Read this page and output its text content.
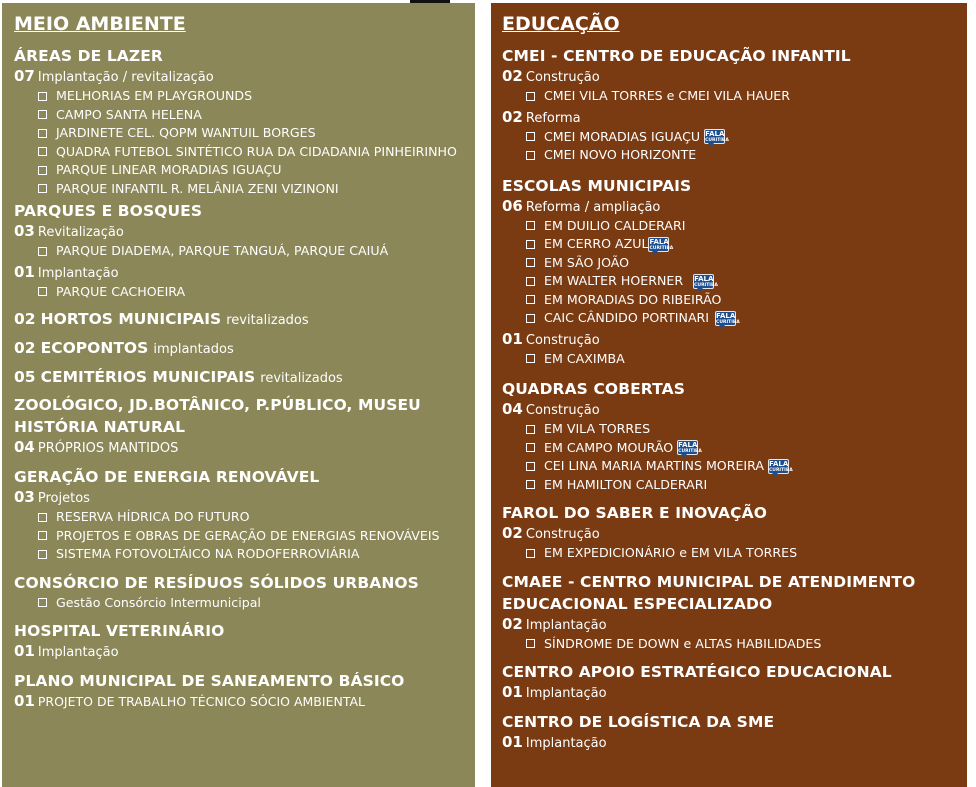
MEIO AMBIENTE
ÁREAS DE LAZER
07 Implantação / revitalização
MELHORIAS EM PLAYGROUNDS
CAMPO SANTA HELENA
JARDINETE CEL. QOPM WANTUIL BORGES
QUADRA FUTEBOL SINTÉTICO RUA DA CIDADANIA PINHEIRINHO
PARQUE LINEAR MORADIAS IGUAÇU
PARQUE INFANTIL R. MELÂNIA ZENI VIZINONI
PARQUES E BOSQUES
03 Revitalização
PARQUE DIADEMA, PARQUE TANGUÁ, PARQUE CAIUÁ
01 Implantação
PARQUE CACHOEIRA
02 HORTOS MUNICIPAIS revitalizados
02 ECOPONTOS implantados
05 CEMITÉRIOS MUNICIPAIS revitalizados
ZOOLÓGICO, JD.BOTÂNICO, P.PÚBLICO, MUSEU HISTÓRIA NATURAL
04 PRÓPRIOS MANTIDOS
GERAÇÃO DE ENERGIA RENOVÁVEL
03 Projetos
RESERVA HÍDRICA DO FUTURO
PROJETOS E OBRAS DE GERAÇÃO DE ENERGIAS RENOVÁVEIS
SISTEMA FOTOVOLTÁICO NA RODOFERROVIÁRIA
CONSÓRCIO DE RESÍDUOS SÓLIDOS URBANOS
Gestão Consórcio Intermunicipal
HOSPITAL VETERINÁRIO
01 Implantação
PLANO MUNICIPAL DE SANEAMENTO BÁSICO
01 PROJETO DE TRABALHO TÉCNICO SÓCIO AMBIENTAL
EDUCAÇÃO
CMEI - CENTRO DE EDUCAÇÃO INFANTIL
02 Construção
CMEI VILA TORRES e CMEI VILA HAUER
02 Reforma
CMEI MORADIAS IGUAÇU FALA
CURITIBA
CMEI NOVO HORIZONTE
ESCOLAS MUNICIPAIS
06 Reforma / ampliação
EM DUILIO CALDERARI
EM CERRO AZUL FALA
CURITIBA
EM SÃO JOÃO
EM WALTER HOERNER FALA
CURITIBA
EM MORADIAS DO RIBEIRÃO
CAIC CÂNDIDO PORTINARI FALA
CURITIBA
01 Construção
EM CAXIMBA
QUADRAS COBERTAS
04 Construção
EM VILA TORRES
EM CAMPO MOURÃO FALA
CURITIBA
CEI LINA MARIA MARTINS MOREIRA FALA
CURITIBA
EM HAMILTON CALDERARI
FAROL DO SABER E INOVAÇÃO
02 Construção
EM EXPEDICIONÁRIO e EM VILA TORRES
CMAEE - CENTRO MUNICIPAL DE ATENDIMENTO EDUCACIONAL ESPECIALIZADO
02 Implantação
SÍNDROME DE DOWN e ALTAS HABILIDADES
CENTRO APOIO ESTRATÉGICO EDUCACIONAL
01 Implantação
CENTRO DE LOGÍSTICA DA SME
01 Implantação
